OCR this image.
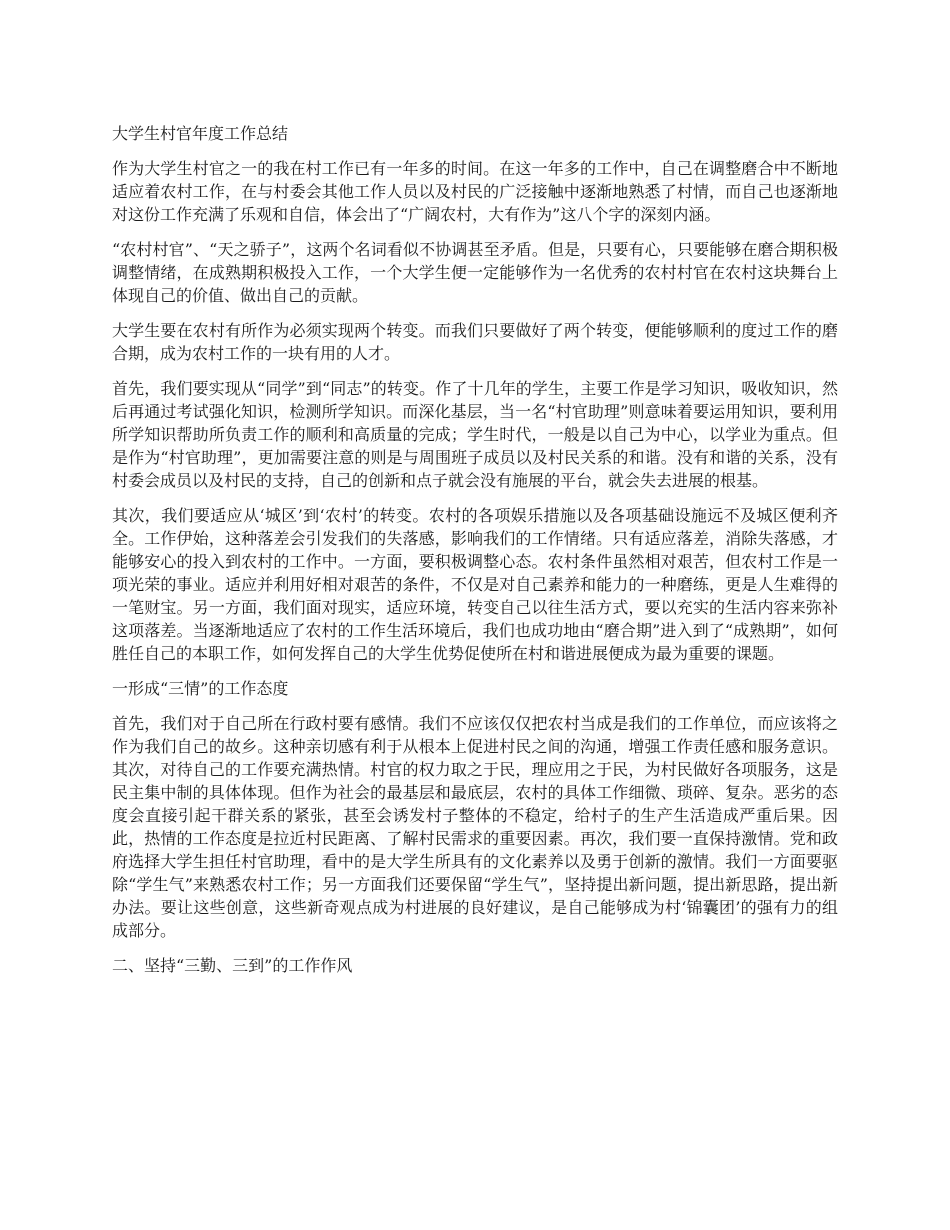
大学生村官年度工作总结

作为大学生村官之一的我在村工作已有一年多的时间。在这一年多的工作中，自己在调整磨合中不断地适应着农村工作，在与村委会其他工作人员以及村民的广泛接触中逐渐地熟悉了村情，而自己也逐渐地对这份工作充满了乐观和自信，体会出了“广阔农村，大有作为”这八个字的深刻内涵。

“农村村官”、“天之骄子”，这两个名词看似不协调甚至矛盾。但是，只要有心，只要能够在磨合期积极调整情绪，在成熟期积极投入工作，一个大学生便一定能够作为一名优秀的农村村官在农村这块舞台上体现自己的价值、做出自己的贡献。

大学生要在农村有所作为必须实现两个转变。而我们只要做好了两个转变，便能够顺利的度过工作的磨合期，成为农村工作的一块有用的人才。

首先，我们要实现从“同学”到“同志”的转变。作了十几年的学生，主要工作是学习知识，吸收知识，然后再通过考试强化知识，检测所学知识。而深化基层，当一名“村官助理”则意味着要运用知识，要利用所学知识帮助所负责工作的顺利和高质量的完成；学生时代，一般是以自己为中心，以学业为重点。但是作为“村官助理”，更加需要注意的则是与周围班子成员以及村民关系的和谐。没有和谐的关系，没有村委会成员以及村民的支持，自己的创新和点子就会没有施展的平台，就会失去进展的根基。

其次，我们要适应从‘城区’到‘农村’的转变。农村的各项娱乐措施以及各项基础设施远不及城区便利齐全。工作伊始，这种落差会引发我们的失落感，影响我们的工作情绪。只有适应落差，消除失落感，才能够安心的投入到农村的工作中。一方面，要积极调整心态。农村条件虽然相对艰苦，但农村工作是一项光荣的事业。适应并利用好相对艰苦的条件，不仅是对自己素养和能力的一种磨练，更是人生难得的一笔财宝。另一方面，我们面对现实，适应环境，转变自己以往生活方式，要以充实的生活内容来弥补这项落差。当逐渐地适应了农村的工作生活环境后，我们也成功地由“磨合期”进入到了“成熟期”，如何胜任自己的本职工作，如何发挥自己的大学生优势促使所在村和谐进展便成为最为重要的课题。

一形成“三情”的工作态度

首先，我们对于自己所在行政村要有感情。我们不应该仅仅把农村当成是我们的工作单位，而应该将之作为我们自己的故乡。这种亲切感有利于从根本上促进村民之间的沟通，增强工作责任感和服务意识。其次，对待自己的工作要充满热情。村官的权力取之于民，理应用之于民，为村民做好各项服务，这是民主集中制的具体体现。但作为社会的最基层和最底层，农村的具体工作细微、琐碎、复杂。恶劣的态度会直接引起干群关系的紧张，甚至会诱发村子整体的不稳定，给村子的生产生活造成严重后果。因此，热情的工作态度是拉近村民距离、了解村民需求的重要因素。再次，我们要一直保持激情。党和政府选择大学生担任村官助理，看中的是大学生所具有的文化素养以及勇于创新的激情。我们一方面要驱除“学生气”来熟悉农村工作；另一方面我们还要保留“学生气”，坚持提出新问题，提出新思路，提出新办法。要让这些创意，这些新奇观点成为村进展的良好建议，是自己能够成为村‘锦囊团’的强有力的组成部分。

二、坚持“三勤、三到”的工作作风
